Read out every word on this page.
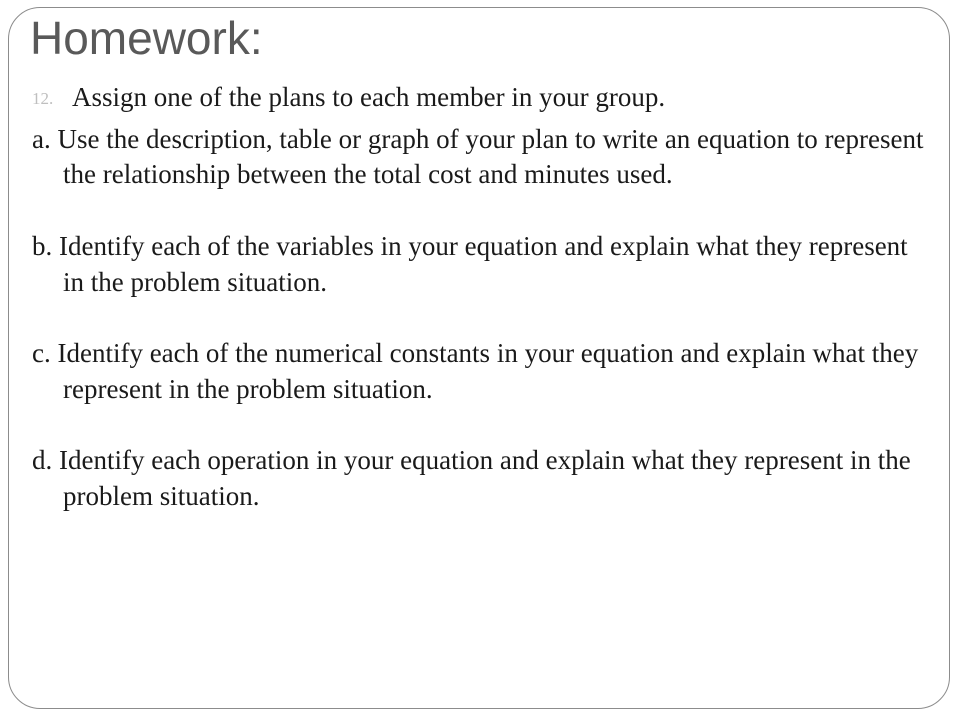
Homework:

12. Assign one of the plans to each member in your group.

a. Use the description, table or graph of your plan to write an equation to represent the relationship between the total cost and minutes used.

b. Identify each of the variables in your equation and explain what they represent in the problem situation.

c. Identify each of the numerical constants in your equation and explain what they represent in the problem situation.

d. Identify each operation in your equation and explain what they represent in the problem situation.
